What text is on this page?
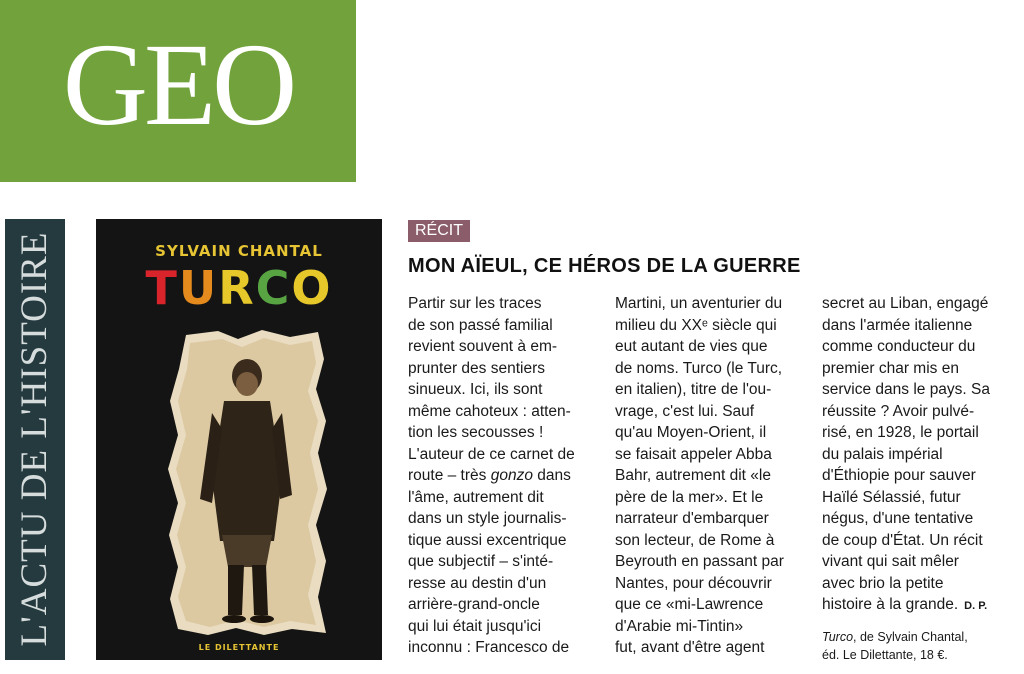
GEO
L'ACTU DE L'HISTOIRE	SYLVAIN CHANTAL
TURCO
LE DILETTANTE
RÉCIT
MON AÏEUL, CE HÉROS DE LA GUERRE
Partir sur les traces
de son passé familial
revient souvent à em-
prunter des sentiers
sinueux. Ici, ils sont
même cahoteux : atten-
tion les secousses !
L'auteur de ce carnet de
route – très gonzo dans
l'âme, autrement dit
dans un style journalis-
tique aussi excentrique
que subjectif – s'inté-
resse au destin d'un
arrière-grand-oncle
qui lui était jusqu'ici
inconnu : Francesco de
Martini, un aventurier du
milieu du XXᵉ siècle qui
eut autant de vies que
de noms. Turco (le Turc,
en italien), titre de l'ou-
vrage, c'est lui. Sauf
qu'au Moyen-Orient, il
se faisait appeler Abba
Bahr, autrement dit «le
père de la mer». Et le
narrateur d'embarquer
son lecteur, de Rome à
Beyrouth en passant par
Nantes, pour découvrir
que ce «mi-Lawrence
d'Arabie mi-Tintin»
fut, avant d'être agent
secret au Liban, engagé
dans l'armée italienne
comme conducteur du
premier char mis en
service dans le pays. Sa
réussite ? Avoir pulvé-
risé, en 1928, le portail
du palais impérial
d'Éthiopie pour sauver
Haïlé Sélassié, futur
négus, d'une tentative
de coup d'État. Un récit
vivant qui sait mêler
avec brio la petite
histoire à la grande. D. P.
Turco, de Sylvain Chantal,
éd. Le Dilettante, 18 €.
